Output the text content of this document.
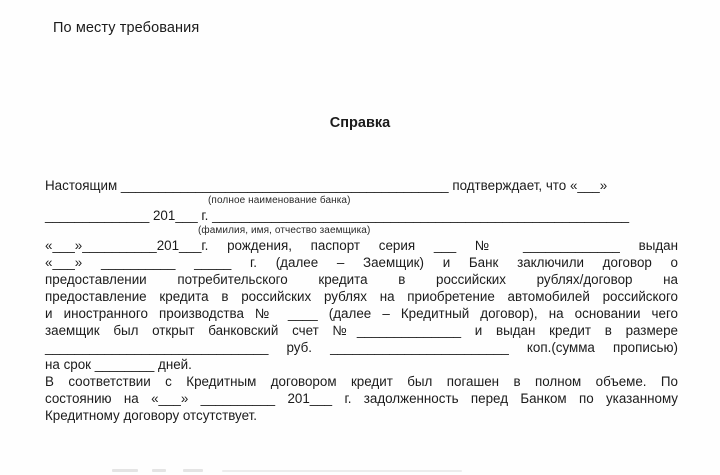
По месту требования
Справка
Настоящим ____________________________________________ подтверждает, что «___»
(полное наименование банка)
______________ 201___ г. ________________________________________________________
(фамилия, имя, отчество заемщика)
«___»__________201___г. рождения, паспорт серия ___ № _____________ выдан
«___» __________ _____ г. (далее – Заемщик) и Банк заключили договор о
предоставлении потребительского кредита в российских рублях/договор на
предоставление кредита в российских рублях на приобретение автомобилей российского
и иностранного производства № ____ (далее – Кредитный договор), на основании чего
заемщик был открыт банковский счет №______________ и выдан кредит в размере
______________________________ руб. ________________________ коп.(сумма прописью)
на срок ________ дней.
В соответствии с Кредитным договором кредит был погашен в полном объеме. По
состоянию на «___» __________ 201___ г. задолженность перед Банком по указанному
Кредитному договору отсутствует.
